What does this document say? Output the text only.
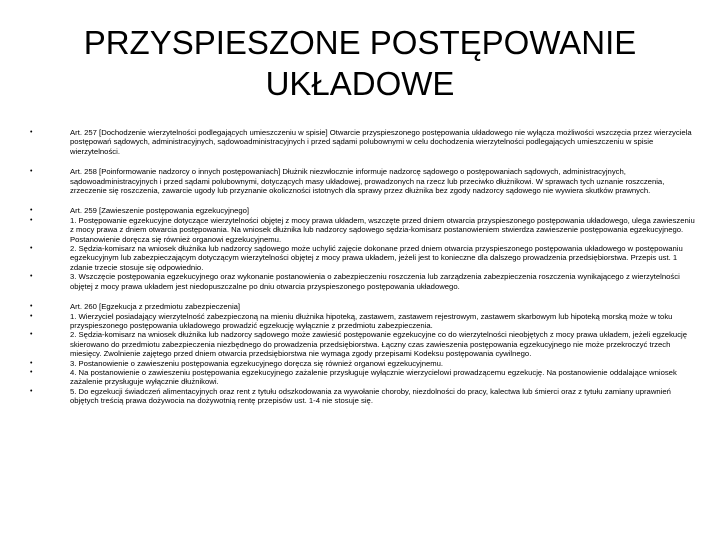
PRZYSPIESZONE POSTĘPOWANIE
UKŁADOWE
•	Art. 257 [Dochodzenie wierzytelności podlegających umieszczeniu w spisie] Otwarcie przyspieszonego postępowania układowego nie wyłącza możliwości wszczęcia przez wierzyciela postępowań sądowych, administracyjnych, sądowoadministracyjnych i przed sądami polubownymi w celu dochodzenia wierzytelności podlegających umieszczeniu w spisie wierzytelności.
•	Art. 258 [Poinformowanie nadzorcy o innych postępowaniach] Dłużnik niezwłocznie informuje nadzorcę sądowego o postępowaniach sądowych, administracyjnych, sądowoadministracyjnych i przed sądami polubownymi, dotyczących masy układowej, prowadzonych na rzecz lub przeciwko dłużnikowi. W sprawach tych uznanie roszczenia, zrzeczenie się roszczenia, zawarcie ugody lub przyznanie okoliczności istotnych dla sprawy przez dłużnika bez zgody nadzorcy sądowego nie wywiera skutków prawnych.
•	Art. 259 [Zawieszenie postępowania egzekucyjnego]
•	1. Postępowanie egzekucyjne dotyczące wierzytelności objętej z mocy prawa układem, wszczęte przed dniem otwarcia przyspieszonego postępowania układowego, ulega zawieszeniu z mocy prawa z dniem otwarcia postępowania. Na wniosek dłużnika lub nadzorcy sądowego sędzia-komisarz postanowieniem stwierdza zawieszenie postępowania egzekucyjnego. Postanowienie doręcza się również organowi egzekucyjnemu.
•	2. Sędzia-komisarz na wniosek dłużnika lub nadzorcy sądowego może uchylić zajęcie dokonane przed dniem otwarcia przyspieszonego postępowania układowego w postępowaniu egzekucyjnym lub zabezpieczającym dotyczącym wierzytelności objętej z mocy prawa układem, jeżeli jest to konieczne dla dalszego prowadzenia przedsiębiorstwa. Przepis ust. 1 zdanie trzecie stosuje się odpowiednio.
•	3. Wszczęcie postępowania egzekucyjnego oraz wykonanie postanowienia o zabezpieczeniu roszczenia lub zarządzenia zabezpieczenia roszczenia wynikającego z wierzytelności objętej z mocy prawa układem jest niedopuszczalne po dniu otwarcia przyspieszonego postępowania układowego.
•	Art. 260 [Egzekucja z przedmiotu zabezpieczenia]
•	1. Wierzyciel posiadający wierzytelność zabezpieczoną na mieniu dłużnika hipoteką, zastawem, zastawem rejestrowym, zastawem skarbowym lub hipoteką morską może w toku przyspieszonego postępowania układowego prowadzić egzekucję wyłącznie z przedmiotu zabezpieczenia.
•	2. Sędzia-komisarz na wniosek dłużnika lub nadzorcy sądowego może zawiesić postępowanie egzekucyjne co do wierzytelności nieobjętych z mocy prawa układem, jeżeli egzekucję skierowano do przedmiotu zabezpieczenia niezbędnego do prowadzenia przedsiębiorstwa. Łączny czas zawieszenia postępowania egzekucyjnego nie może przekroczyć trzech miesięcy. Zwolnienie zajętego przed dniem otwarcia przedsiębiorstwa nie wymaga zgody przepisami Kodeksu postępowania cywilnego.
•	3. Postanowienie o zawieszeniu postępowania egzekucyjnego doręcza się również organowi egzekucyjnemu.
•	4. Na postanowienie o zawieszeniu postępowania egzekucyjnego zażalenie przysługuje wyłącznie wierzycielowi prowadzącemu egzekucję. Na postanowienie oddalające wniosek zażalenie przysługuje wyłącznie dłużnikowi.
•	5. Do egzekucji świadczeń alimentacyjnych oraz rent z tytułu odszkodowania za wywołanie choroby, niezdolności do pracy, kalectwa lub śmierci oraz z tytułu zamiany uprawnień objętych treścią prawa dożywocia na dożywotnią rentę przepisów ust. 1-4 nie stosuje się.
